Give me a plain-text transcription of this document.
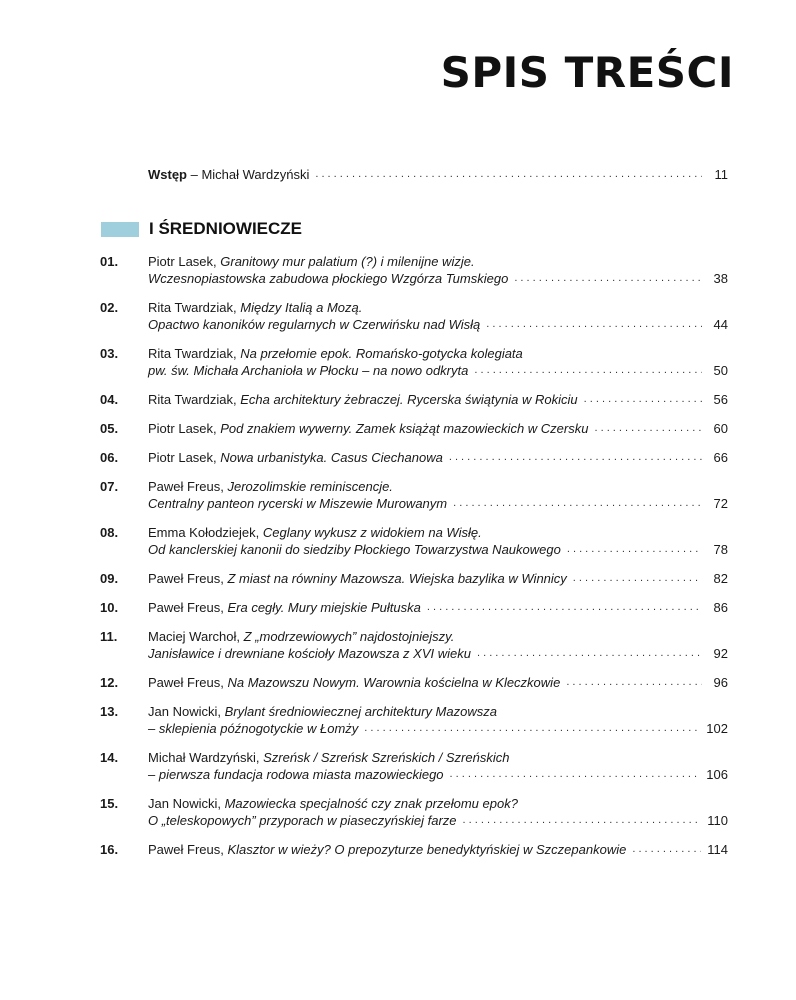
SPIS TREŚCI
Wstęp – Michał Wardzyński . . .	11
I ŚREDNIOWIECZE
01.	Piotr Lasek, Granitowy mur palatium (?) i milenijne wizje.
Wczesnopiastowska zabudowa płockiego Wzgórza Tumskiego . . .	38
02.	Rita Twardziak, Między Italią a Mozą.
Opactwo kanoników regularnych w Czerwińsku nad Wisłą . . .	44
03.	Rita Twardziak, Na przełomie epok. Romańsko-gotycka kolegiata
pw. św. Michała Archanioła w Płocku – na nowo odkryta . . .	50
04.	Rita Twardziak, Echa architektury żebraczej. Rycerska świątynia w Rokiciu . . .	56
05.	Piotr Lasek, Pod znakiem wywerny. Zamek książąt mazowieckich w Czersku . . .	60
06.	Piotr Lasek, Nowa urbanistyka. Casus Ciechanowa . . .	66
07.	Paweł Freus, Jerozolimskie reminiscencje.
Centralny panteon rycerski w Miszewie Murowanym . . .	72
08.	Emma Kołodziejek, Ceglany wykusz z widokiem na Wisłę.
Od kanclerskiej kanonii do siedziby Płockiego Towarzystwa Naukowego . . .	78
09.	Paweł Freus, Z miast na równiny Mazowsza. Wiejska bazylika w Winnicy . . .	82
10.	Paweł Freus, Era cegły. Mury miejskie Pułtuska . . .	86
11.	Maciej Warchoł, Z „modrzewiowych” najdostojniejszy.
Janisławice i drewniane kościoły Mazowsza z XVI wieku . . .	92
12.	Paweł Freus, Na Mazowszu Nowym. Warownia kościelna w Kleczkowie . . .	96
13.	Jan Nowicki, Brylant średniowiecznej architektury Mazowsza
– sklepienia późnogotyckie w Łomży . . .	102
14.	Michał Wardzyński, Szreńsk / Szreńsk Szreńskich / Szreńskich
– pierwsza fundacja rodowa miasta mazowieckiego . . .	106
15.	Jan Nowicki, Mazowiecka specjalność czy znak przełomu epok?
O „teleskopowych” przyporach w piaseczyńskiej farze . . .	110
16.	Paweł Freus, Klasztor w wieży? O prepozyturze benedyktyńskiej w Szczepankowie . . .	114
